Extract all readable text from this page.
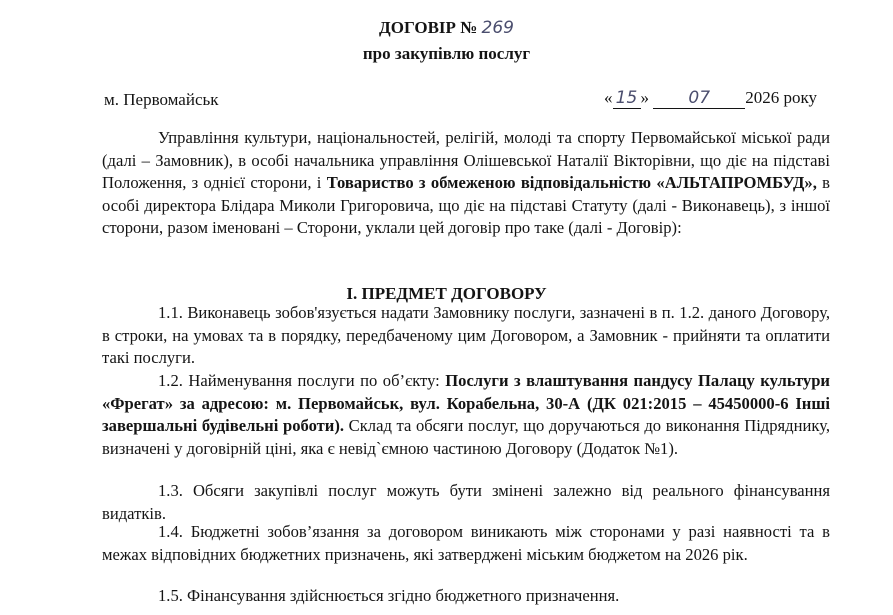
ДОГОВІР № 269
про закупівлю послуг
м. Первомайськ	« 15 » 07 2026 року
Управління культури, національностей, релігій, молоді та спорту Первомайської міської ради (далі – Замовник), в особі начальника управління Олішевської Наталії Вікторівни, що діє на підставі Положення, з однієї сторони, і Товариство з обмеженою відповідальністю «АЛЬТАПРОМБУД», в особі директора Блідара Миколи Григоровича, що діє на підставі Статуту (далі - Виконавець), з іншої сторони, разом іменовані – Сторони, уклали цей договір про таке (далі - Договір):
I. ПРЕДМЕТ ДОГОВОРУ
1.1. Виконавець зобов'язується надати Замовнику послуги, зазначені в п. 1.2. даного Договору, в строки, на умовах та в порядку, передбаченому цим Договором, а Замовник - прийняти та оплатити такі послуги.
1.2. Найменування послуги по об’єкту: Послуги з влаштування пандусу Палацу культури «Фрегат» за адресою: м. Первомайськ, вул. Корабельна, 30-А (ДК 021:2015 – 45450000-6 Інші завершальні будівельні роботи). Склад та обсяги послуг, що доручаються до виконання Підряднику, визначені у договірній ціні, яка є невід`ємною частиною Договору (Додаток №1).
1.3. Обсяги закупівлі послуг можуть бути змінені залежно від реального фінансування видатків.
1.4. Бюджетні зобов’язання за договором виникають між сторонами у разі наявності та в межах відповідних бюджетних призначень, які затверджені міським бюджетом на 2026 рік.
1.5. Фінансування здійснюється згідно бюджетного призначення.
